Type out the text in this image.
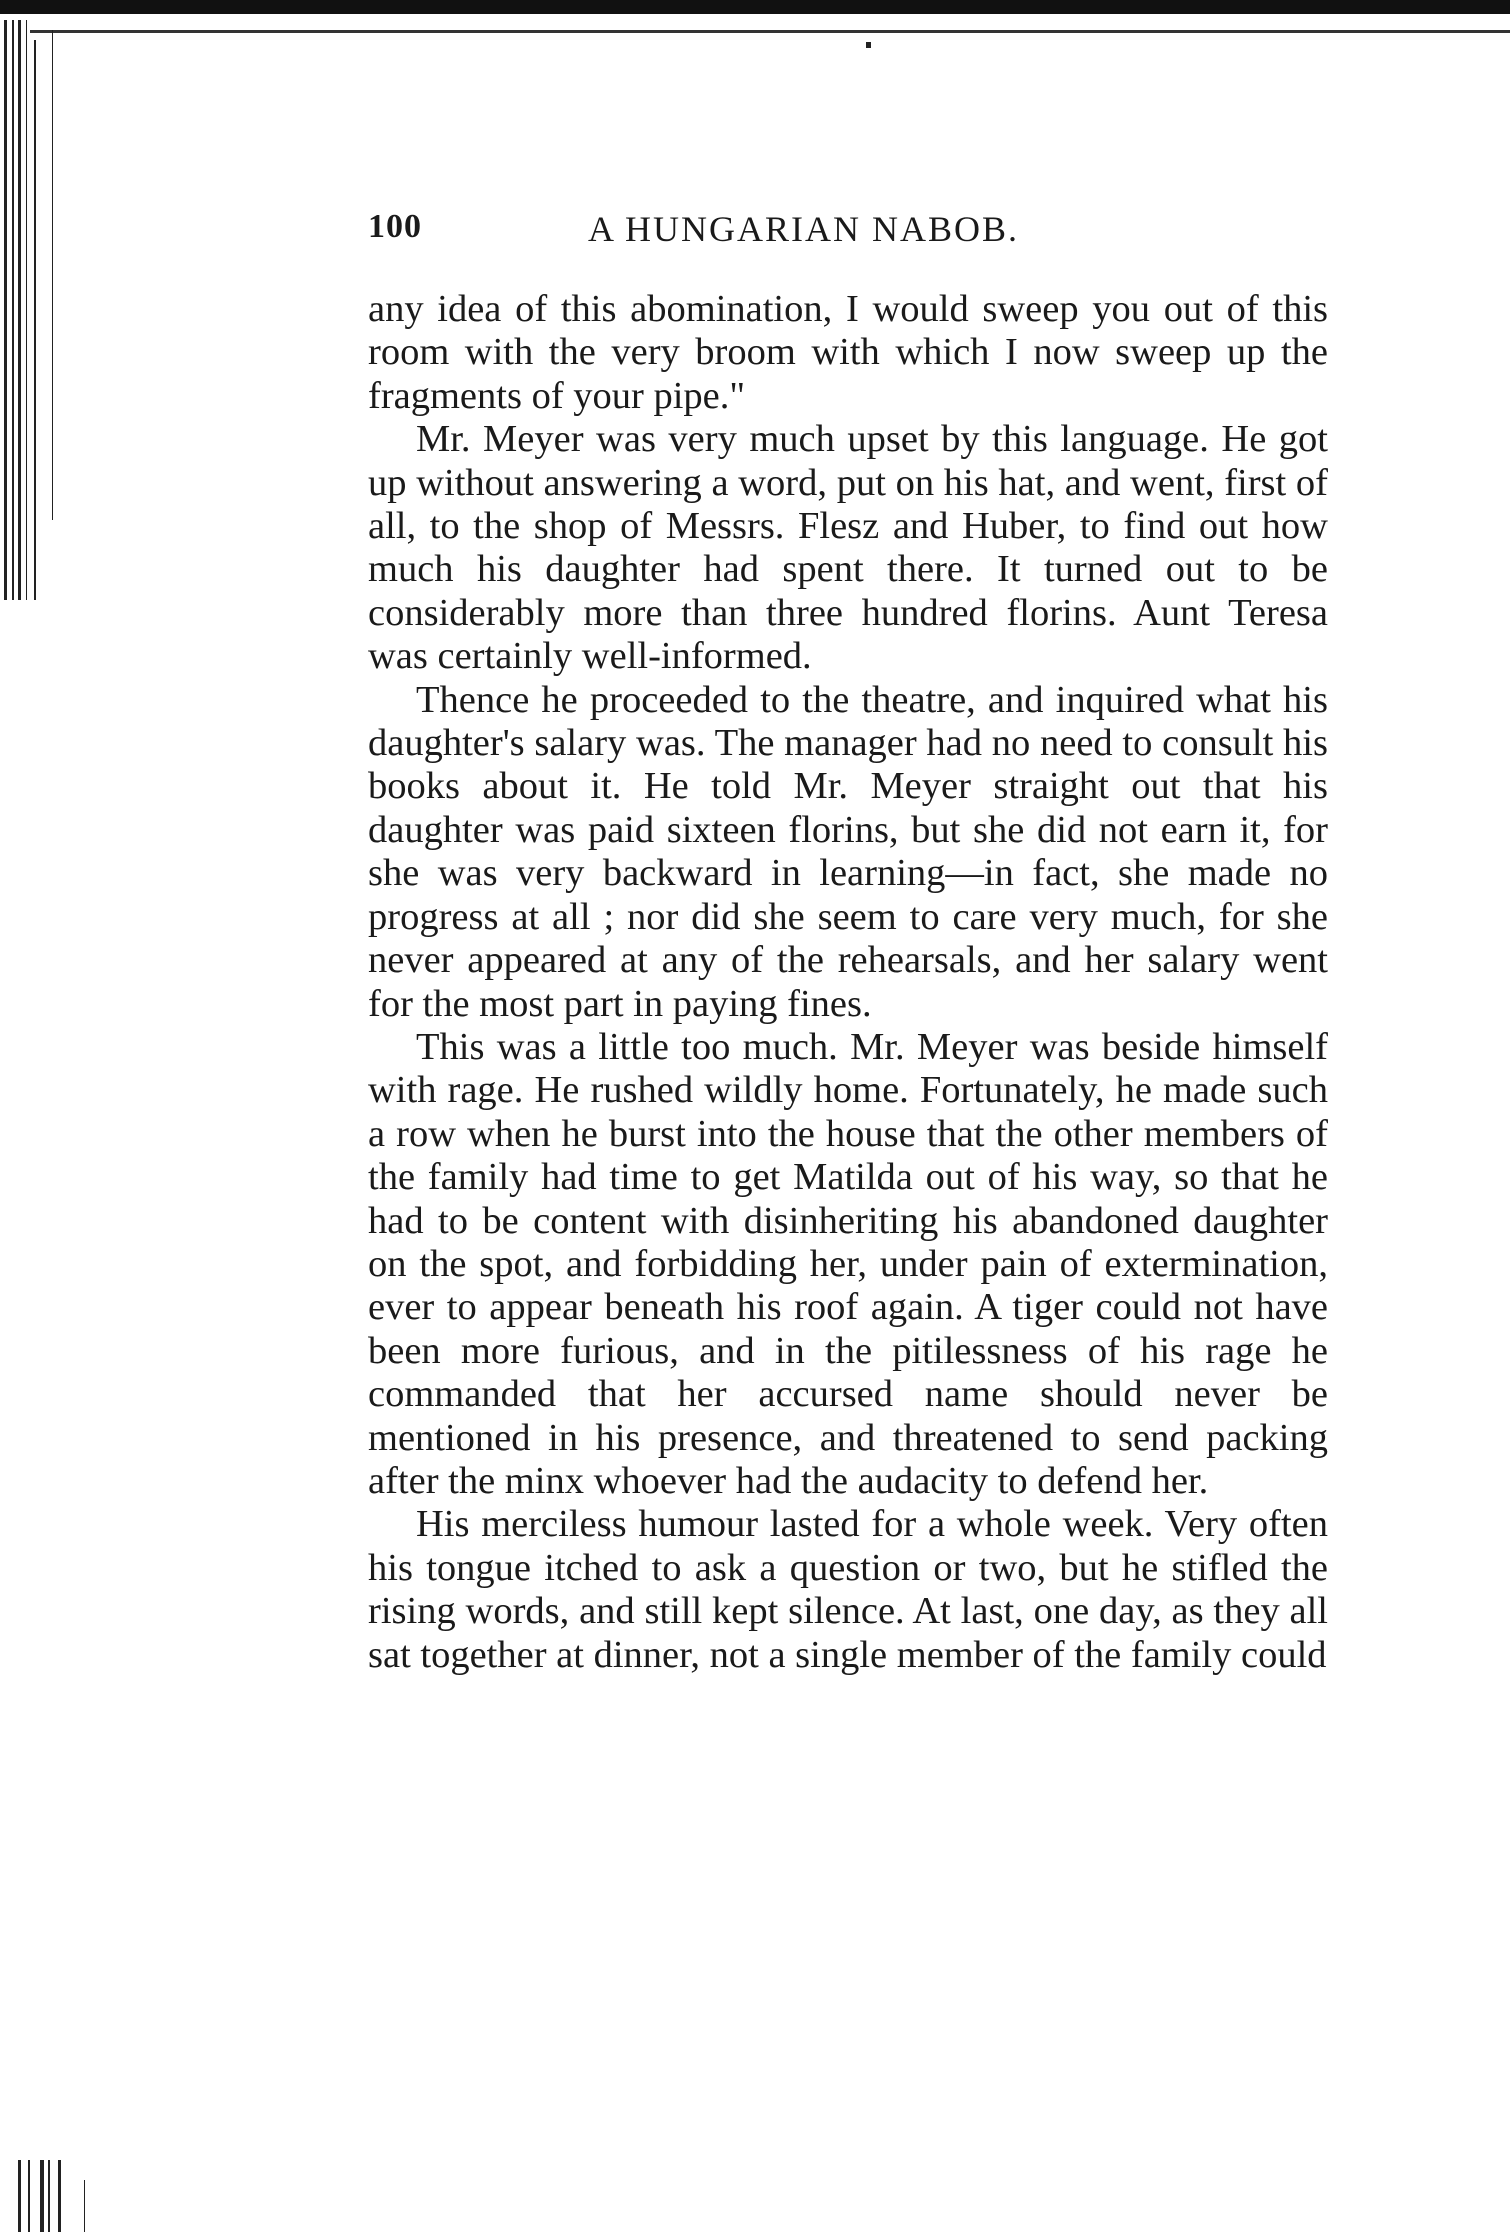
100	A HUNGARIAN NABOB.

any idea of this abomination, I would sweep you out of this room with the very broom with which I now sweep up the fragments of your pipe."

Mr. Meyer was very much upset by this language. He got up without answering a word, put on his hat, and went, first of all, to the shop of Messrs. Flesz and Huber, to find out how much his daughter had spent there. It turned out to be considerably more than three hundred florins. Aunt Teresa was certainly well-informed.

Thence he proceeded to the theatre, and inquired what his daughter's salary was. The manager had no need to consult his books about it. He told Mr. Meyer straight out that his daughter was paid sixteen florins, but she did not earn it, for she was very backward in learning—in fact, she made no progress at all ; nor did she seem to care very much, for she never appeared at any of the rehearsals, and her salary went for the most part in paying fines.

This was a little too much. Mr. Meyer was beside himself with rage. He rushed wildly home. Fortunately, he made such a row when he burst into the house that the other members of the family had time to get Matilda out of his way, so that he had to be content with disinheriting his abandoned daughter on the spot, and forbidding her, under pain of extermination, ever to appear beneath his roof again. A tiger could not have been more furious, and in the pitilessness of his rage he commanded that her accursed name should never be mentioned in his presence, and threatened to send packing after the minx whoever had the audacity to defend her.

His merciless humour lasted for a whole week. Very often his tongue itched to ask a question or two, but he stifled the rising words, and still kept silence. At last, one day, as they all sat together at dinner, not a single member of the family could
